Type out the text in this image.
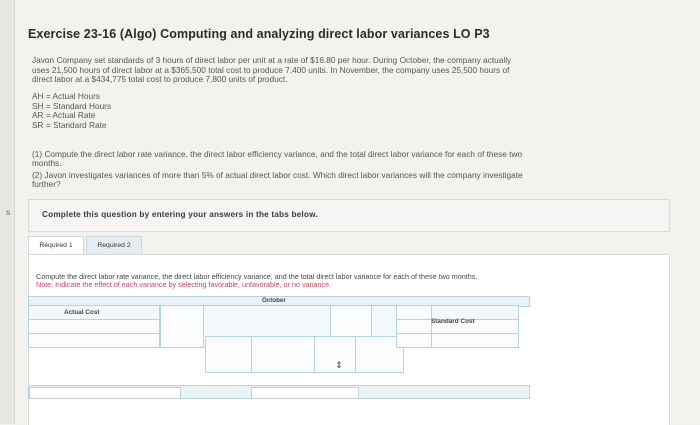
s
Exercise 23-16 (Algo) Computing and analyzing direct labor variances LO P3
Javon Company set standards of 3 hours of direct labor per unit at a rate of $16.80 per hour. During October, the company actually
uses 21,500 hours of direct labor at a $365,500 total cost to produce 7,400 units. In November, the company uses 25,500 hours of
direct labor at a $434,775 total cost to produce 7,800 units of product.
AH = Actual Hours
SH = Standard Hours
AR = Actual Rate
SR = Standard Rate
(1) Compute the direct labor rate variance, the direct labor efficiency variance, and the total direct labor variance for each of these two
months.
(2) Javon investigates variances of more than 5% of actual direct labor cost. Which direct labor variances will the company investigate
further?
Complete this question by entering your answers in the tabs below.
Required 1	Required 2
Compute the direct labor rate variance, the direct labor efficiency variance, and the total direct labor variance for each of these two months.
Note: Indicate the effect of each variance by selecting favorable, unfavorable, or no variance.
October

Actual Cost

⇕

Standard Cost
